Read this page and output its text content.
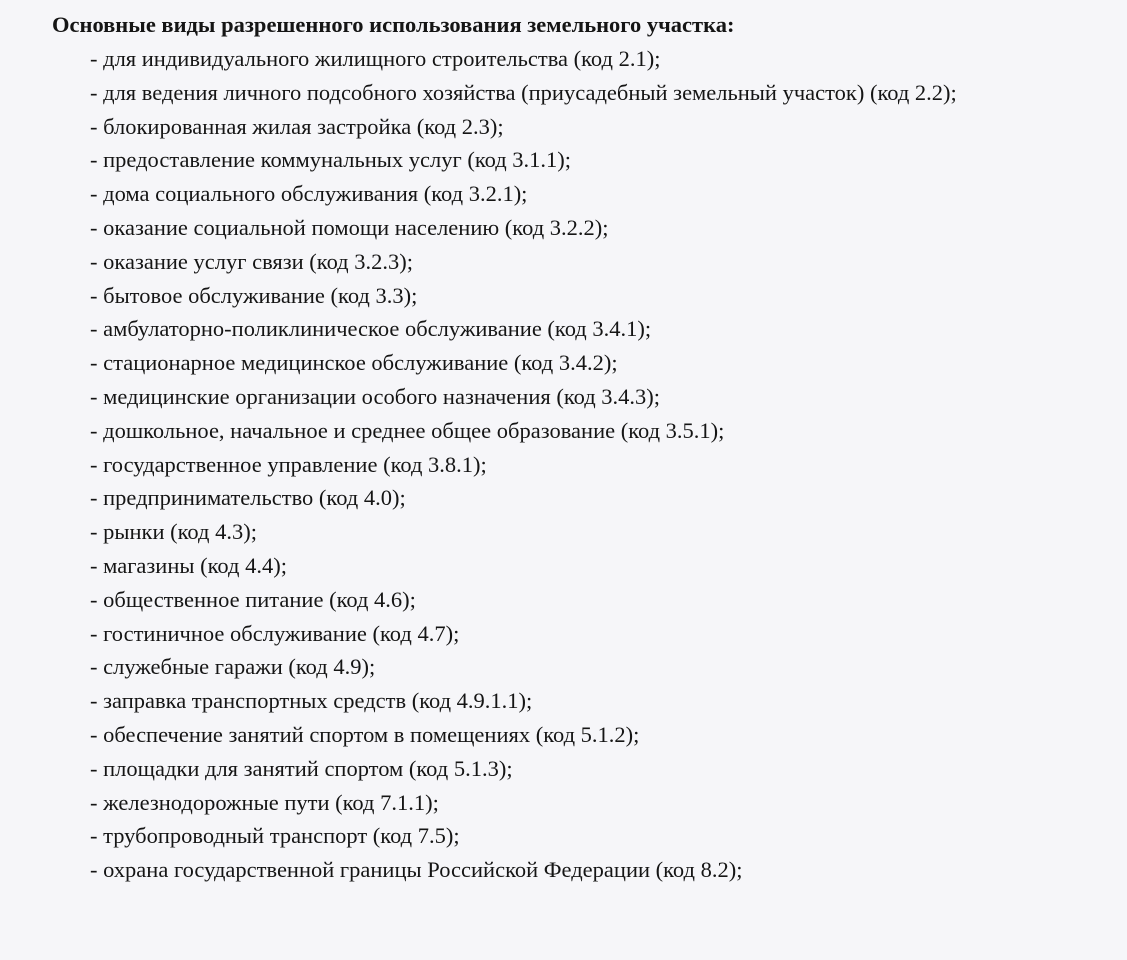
Основные виды разрешенного использования земельного участка:
- для индивидуального жилищного строительства (код 2.1);
- для ведения личного подсобного хозяйства (приусадебный земельный участок) (код 2.2);
- блокированная жилая застройка (код 2.3);
- предоставление коммунальных услуг (код 3.1.1);
- дома социального обслуживания (код 3.2.1);
- оказание социальной помощи населению (код 3.2.2);
- оказание услуг связи (код 3.2.3);
- бытовое обслуживание (код 3.3);
- амбулаторно-поликлиническое обслуживание (код 3.4.1);
- стационарное медицинское обслуживание (код 3.4.2);
- медицинские организации особого назначения (код 3.4.3);
- дошкольное, начальное и среднее общее образование (код 3.5.1);
- государственное управление (код 3.8.1);
- предпринимательство (код 4.0);
- рынки (код 4.3);
- магазины (код 4.4);
- общественное питание (код 4.6);
- гостиничное обслуживание (код 4.7);
- служебные гаражи (код 4.9);
- заправка транспортных средств (код 4.9.1.1);
- обеспечение занятий спортом в помещениях (код 5.1.2);
- площадки для занятий спортом (код 5.1.3);
- железнодорожные пути (код 7.1.1);
- трубопроводный транспорт (код 7.5);
- охрана государственной границы Российской Федерации (код 8.2);
